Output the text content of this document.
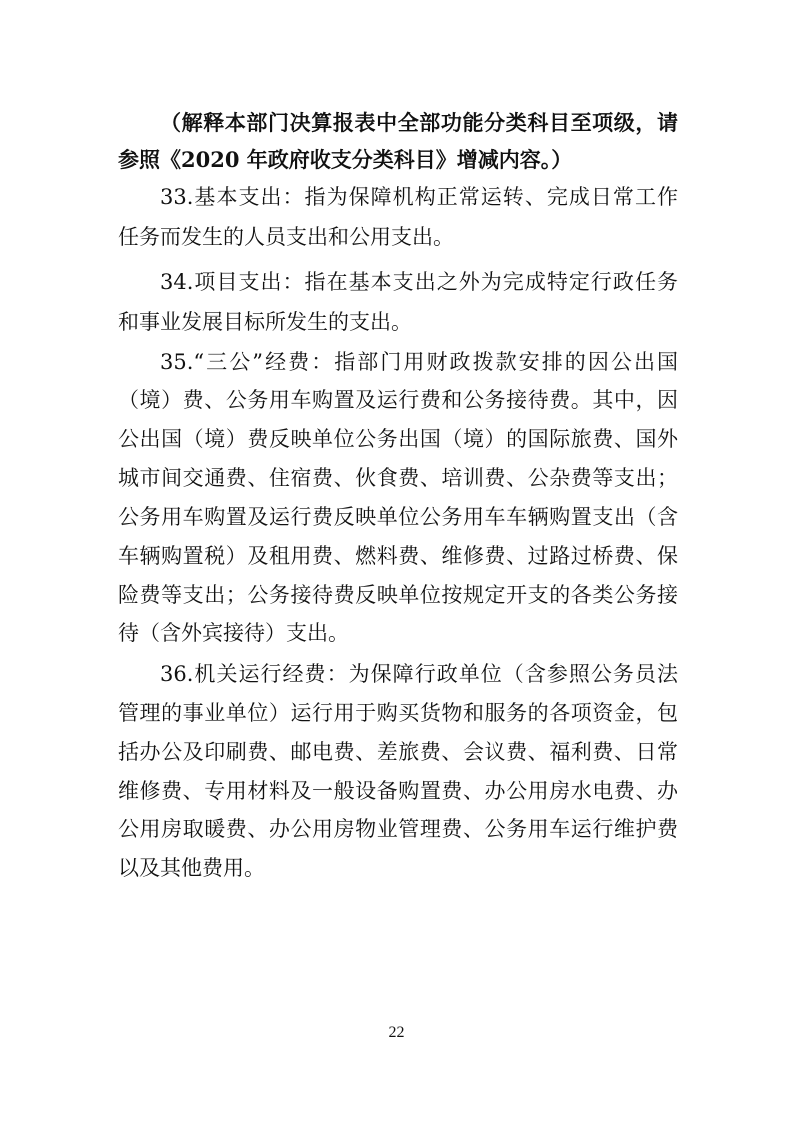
（解释本部门决算报表中全部功能分类科目至项级，请
参照《2020 年政府收支分类科目》增减内容。）
33.基本支出：指为保障机构正常运转、完成日常工作
任务而发生的人员支出和公用支出。
34.项目支出：指在基本支出之外为完成特定行政任务
和事业发展目标所发生的支出。
35.“三公”经费：指部门用财政拨款安排的因公出国
（境）费、公务用车购置及运行费和公务接待费。其中，因
公出国（境）费反映单位公务出国（境）的国际旅费、国外
城市间交通费、住宿费、伙食费、培训费、公杂费等支出；
公务用车购置及运行费反映单位公务用车车辆购置支出（含
车辆购置税）及租用费、燃料费、维修费、过路过桥费、保
险费等支出；公务接待费反映单位按规定开支的各类公务接
待（含外宾接待）支出。
36.机关运行经费：为保障行政单位（含参照公务员法
管理的事业单位）运行用于购买货物和服务的各项资金，包
括办公及印刷费、邮电费、差旅费、会议费、福利费、日常
维修费、专用材料及一般设备购置费、办公用房水电费、办
公用房取暖费、办公用房物业管理费、公务用车运行维护费
以及其他费用。
22
